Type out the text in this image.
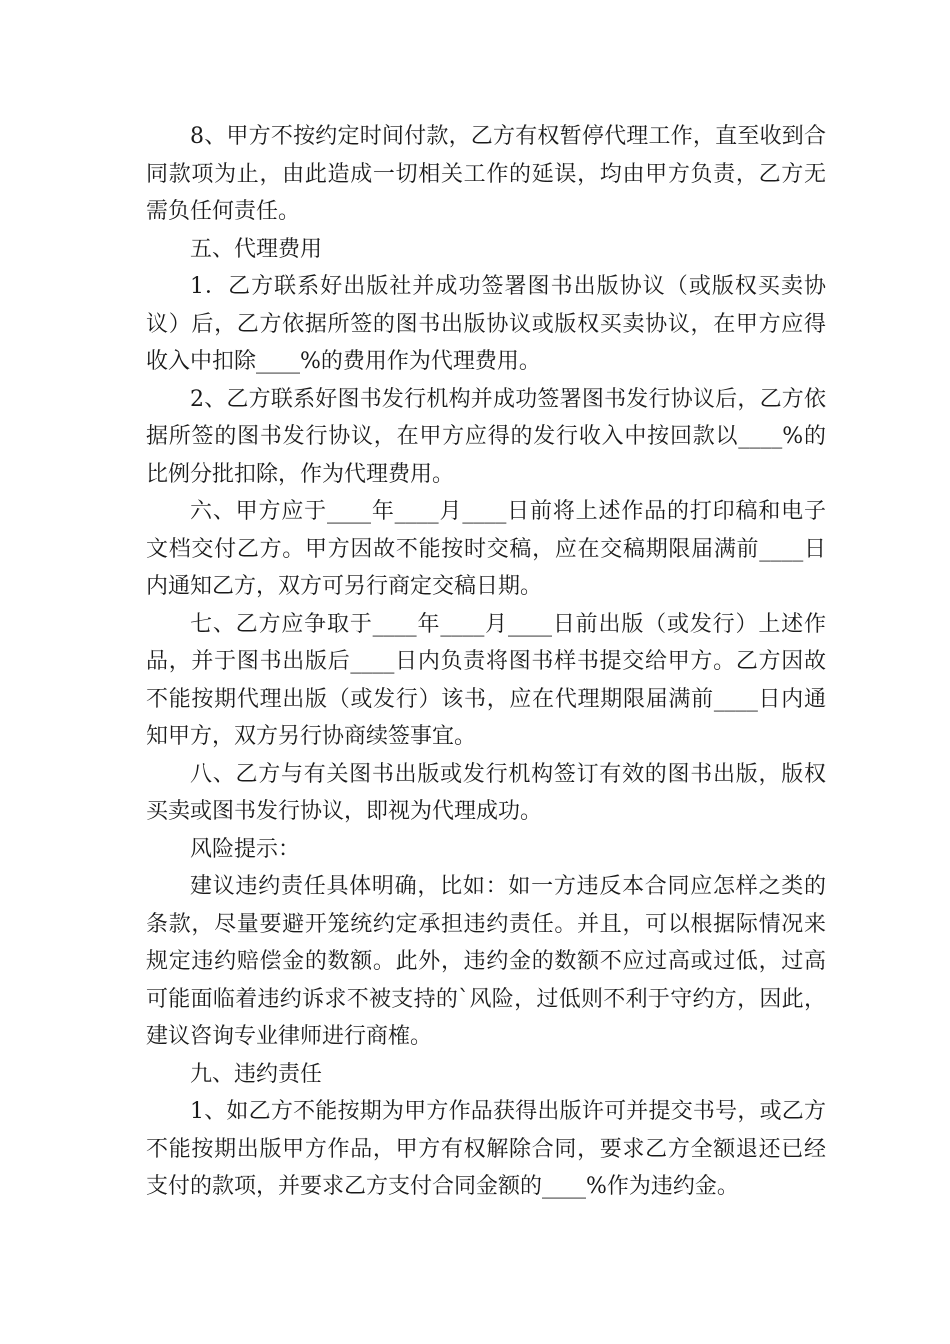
8、甲方不按约定时间付款，乙方有权暂停代理工作，直至收到合同款项为止，由此造成一切相关工作的延误，均由甲方负责，乙方无需负任何责任。

五、代理费用

1．乙方联系好出版社并成功签署图书出版协议（或版权买卖协议）后，乙方依据所签的图书出版协议或版权买卖协议，在甲方应得收入中扣除____%的费用作为代理费用。

2、乙方联系好图书发行机构并成功签署图书发行协议后，乙方依据所签的图书发行协议，在甲方应得的发行收入中按回款以____%的比例分批扣除，作为代理费用。

六、甲方应于____年____月____日前将上述作品的打印稿和电子文档交付乙方。甲方因故不能按时交稿，应在交稿期限届满前____日内通知乙方，双方可另行商定交稿日期。

七、乙方应争取于____年____月____日前出版（或发行）上述作品，并于图书出版后____日内负责将图书样书提交给甲方。乙方因故不能按期代理出版（或发行）该书，应在代理期限届满前____日内通知甲方，双方另行协商续签事宜。

八、乙方与有关图书出版或发行机构签订有效的图书出版，版权买卖或图书发行协议，即视为代理成功。

风险提示：

建议违约责任具体明确，比如：如一方违反本合同应怎样之类的条款，尽量要避开笼统约定承担违约责任。并且，可以根据际情况来规定违约赔偿金的数额。此外，违约金的数额不应过高或过低，过高可能面临着违约诉求不被支持的`风险，过低则不利于守约方，因此，建议咨询专业律师进行商榷。

九、违约责任

1、如乙方不能按期为甲方作品获得出版许可并提交书号，或乙方不能按期出版甲方作品，甲方有权解除合同，要求乙方全额退还已经支付的款项，并要求乙方支付合同金额的____%作为违约金。
